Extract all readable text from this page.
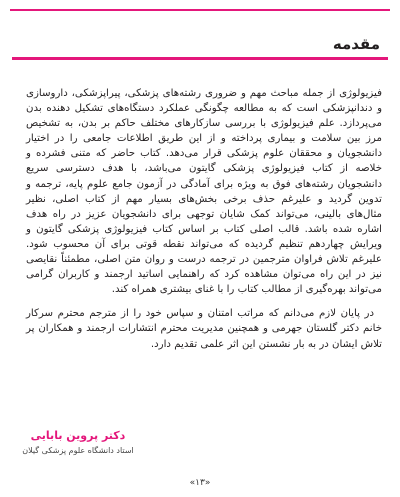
مقدمه

فیزیولوژی از جمله مباحث مهم و ضروری رشته‌های پزشکی، پیراپزشکی، داروسازی و دندانپزشکی است که به مطالعه چگونگی عملکرد دستگاه‌های تشکیل دهنده بدن می‌پردازد. علم فیزیولوژی با بررسی سازکارهای مختلف حاکم بر بدن، به تشخیص مرز بین سلامت و بیماری پرداخته و از این طریق اطلاعات جامعی را در اختیار دانشجویان و محققان علوم پزشکی قرار می‌دهد. کتاب حاضر که متنی فشرده و خلاصه از کتاب فیزیولوژی پزشکی گایتون می‌باشد، با هدف دسترسی سریع دانشجویان رشته‌های فوق به ویژه برای آمادگی در آزمون جامع علوم پایه، ترجمه و تدوین گردید و علیرغم حذف برخی بخش‌های بسیار مهم از کتاب اصلی، نظیر مثال‌های بالینی، می‌تواند کمک شایان توجهی برای دانشجویان عزیز در راه هدف اشاره شده باشد. قالب اصلی کتاب بر اساس کتاب فیزیولوژی پزشکی گایتون و ویرایش چهاردهم تنظیم گردیده که می‌تواند نقطه قوتی برای آن محسوب شود. علیرغم تلاش فراوان مترجمین در ترجمه درست و روان متن اصلی، مطمئناً نقایصی نیز در این راه می‌توان مشاهده کرد که راهنمایی اساتید ارجمند و کاربران گرامی می‌تواند بهره‌گیری از مطالب کتاب را با غنای بیشتری همراه کند.

در پایان لازم می‌دانم که مراتب امتنان و سپاس خود را از مترجم محترم سرکار خانم دکتر گلستان جهرمی و همچنین مدیریت محترم انتشارات ارجمند و همکاران پر تلاش ایشان در به بار نشستن این اثر علمی تقدیم دارد.

دکتر پروین بابایی
استاد دانشگاه علوم پزشکی گیلان
«۱۳»
